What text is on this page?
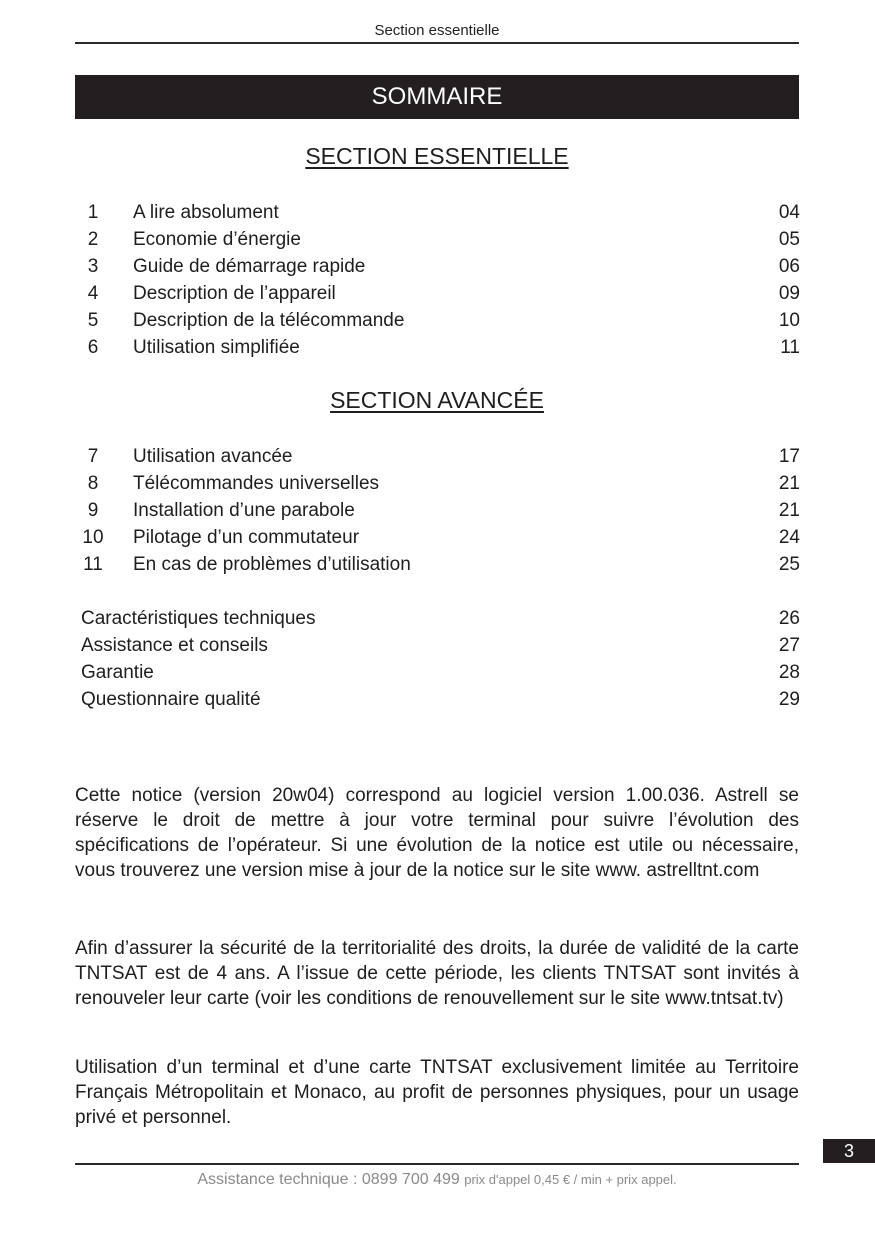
Section essentielle
SOMMAIRE
SECTION ESSENTIELLE
1	A lire absolument	04
2	Economie d’énergie	05
3	Guide de démarrage rapide	06
4	Description de l’appareil	09
5	Description de la télécommande	10
6	Utilisation simplifiée	11
SECTION AVANCÉE
7	Utilisation avancée	17
8	Télécommandes universelles	21
9	Installation d’une parabole	21
10	Pilotage d’un commutateur	24
11	En cas de problèmes d’utilisation	25
Caractéristiques techniques	26
Assistance et conseils	27
Garantie	28
Questionnaire qualité	29

Cette notice (version 20w04) correspond au logiciel version 1.00.036. Astrell se réserve le droit de mettre à jour votre terminal pour suivre l’évolution des spécifications de l’opérateur. Si une évolution de la notice est utile ou nécessaire, vous trouverez une version mise à jour de la notice sur le site www. astrelltnt.com

Afin d’assurer la sécurité de la territorialité des droits, la durée de validité de la carte TNTSAT est de 4 ans. A l’issue de cette période, les clients TNTSAT sont invités à renouveler leur carte (voir les conditions de renouvellement sur le site www.tntsat.tv)

Utilisation d’un terminal et d’une carte TNTSAT exclusivement limitée au Territoire Français Métropolitain et Monaco, au profit de personnes physiques, pour un usage privé et personnel.

3
Assistance technique : 0899 700 499 prix d'appel 0,45 € / min + prix appel.
